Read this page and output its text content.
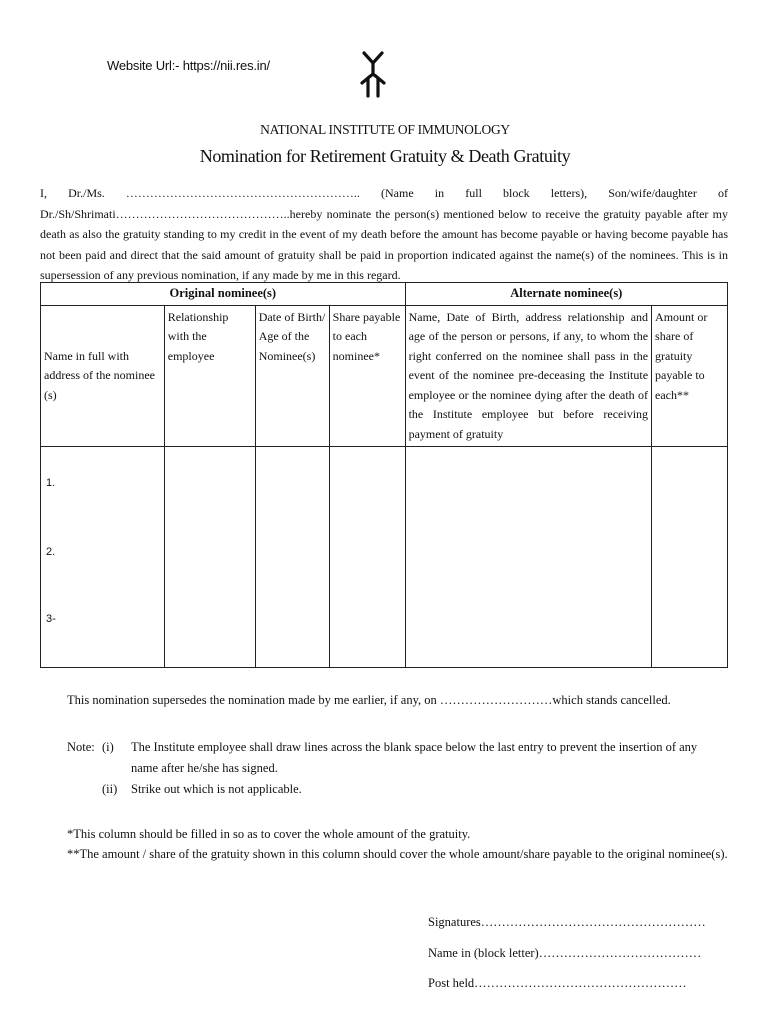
Website Url:- https://nii.res.in/
NATIONAL INSTITUTE OF IMMUNOLOGY
Nomination for Retirement Gratuity & Death Gratuity
I, Dr./Ms. ………………………………………………….. (Name in full block letters), Son/wife/daughter of

Dr./Sh/Shrimati……………………………………..hereby nominate the person(s) mentioned below to receive the gratuity payable after my death as also the gratuity standing to my credit in the event of my death before the amount has become payable or having become payable has not been paid and direct that the said amount of gratuity shall be paid in proportion indicated against the name(s) of the nominees. This is in supersession of any previous nomination, if any made by me in this regard.

Original nominee(s)				Alternate nominee(s)	
Name in full with address of the nominee (s)	Relationship with the employee	Date of Birth/ Age of the Nominee(s)	Share payable to each nominee*	Name, Date of Birth, address relationship and age of the person or persons, if any, to whom the right conferred on the nominee shall pass in the event of the nominee pre-deceasing the Institute employee or the nominee dying after the death of the Institute employee but before receiving payment of gratuity	Amount or share of gratuity payable to each**

1.
2.
3-					

This nomination supersedes the nomination made by me earlier, if any, on ………………………which stands cancelled.
Note: (i) The Institute employee shall draw lines across the blank space below the last entry to prevent the insertion of any name after he/she has signed.
(ii) Strike out which is not applicable.
*This column should be filled in so as to cover the whole amount of the gratuity.
**The amount / share of the gratuity shown in this column should cover the whole amount/share payable to the original nominee(s).
Signatures………………………………………………
Name in (block letter)…………………………………
Post held……………………………………………
